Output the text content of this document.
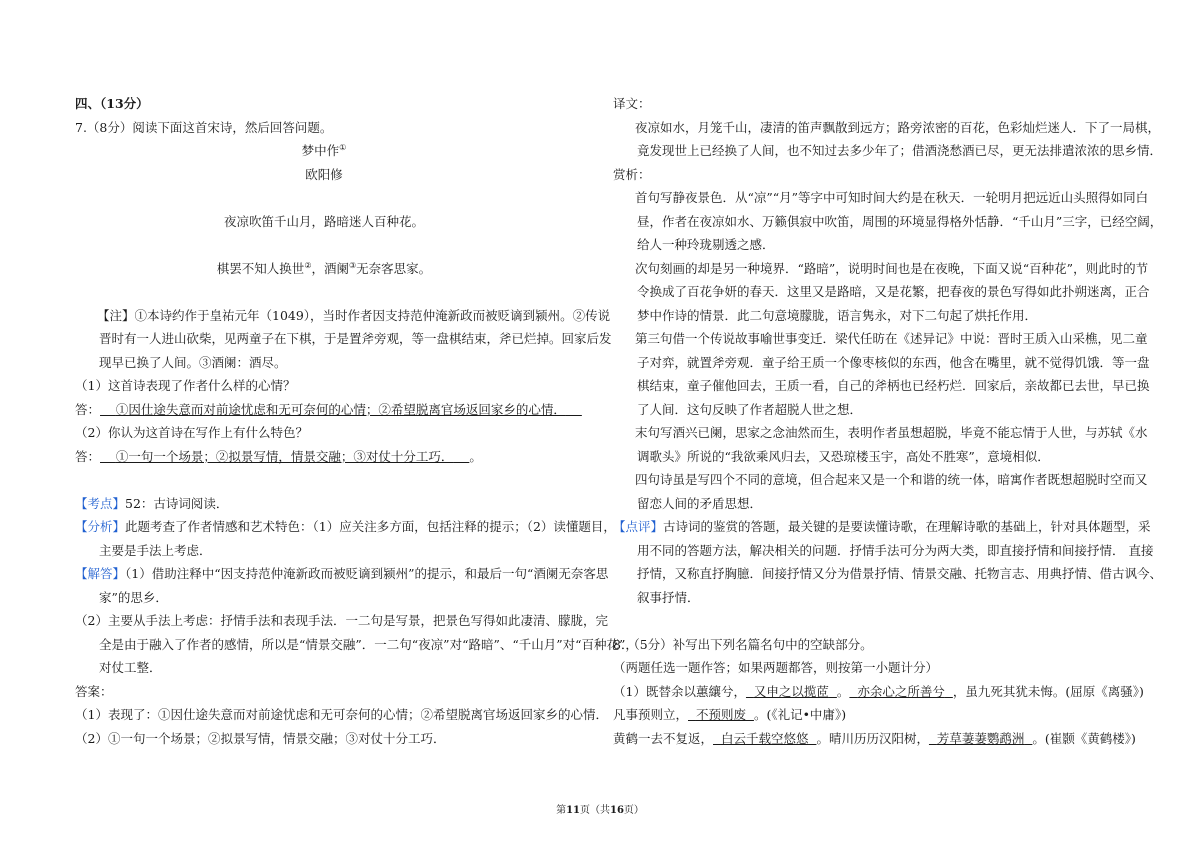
四、（13分）
7.（8分）阅读下面这首宋诗，然后回答问题。
梦中作①
欧阳修
夜凉吹笛千山月，路暗迷人百种花。
棋罢不知人换世②，酒阑③无奈客思家。
【注】①本诗约作于皇祐元年（1049），当时作者因支持范仲淹新政而被贬谪到颍州。②传说
晋时有一人进山砍柴，见两童子在下棋，于是置斧旁观，等一盘棋结束，斧已烂掉。回家后发
现早已换了人间。③酒阑：酒尽。
（1）这首诗表现了作者什么样的心情？
答： ①因仕途失意而对前途忧虑和无可奈何的心情；②希望脱离官场返回家乡的心情．
（2）你认为这首诗在写作上有什么特色？
答： ①一句一个场景；②拟景写情，情景交融；③对仗十分工巧． 。
【考点】52：古诗词阅读．
【分析】此题考查了作者情感和艺术特色：（1）应关注多方面，包括注释的提示；（2）读懂题目，
主要是手法上考虑．
【解答】（1）借助注释中“因支持范仲淹新政而被贬谪到颍州”的提示，和最后一句“酒阑无奈客思
家”的思乡．
（2）主要从手法上考虑：抒情手法和表现手法．一二句是写景，把景色写得如此凄清、朦胧，完
全是由于融入了作者的感情，所以是“情景交融”．一二句“夜凉”对“路暗”、“千山月”对“百种花”，
对仗工整．
答案：
（1）表现了：①因仕途失意而对前途忧虑和无可奈何的心情；②希望脱离官场返回家乡的心情．
（2）①一句一个场景；②拟景写情，情景交融；③对仗十分工巧．
译文：
夜凉如水，月笼千山，凄清的笛声飘散到远方；路旁浓密的百花，色彩灿烂迷人．下了一局棋，
竟发现世上已经换了人间，也不知过去多少年了；借酒浇愁酒已尽，更无法排遣浓浓的思乡情．
赏析：
首句写静夜景色．从“凉”“月”等字中可知时间大约是在秋天．一轮明月把远近山头照得如同白
昼，作者在夜凉如水、万籁俱寂中吹笛，周围的环境显得格外恬静．“千山月”三字，已经空阔，
给人一种玲珑剔透之感．
次句刻画的却是另一种境界．“路暗”，说明时间也是在夜晚，下面又说“百种花”，则此时的节
令换成了百花争妍的春天．这里又是路暗，又是花繁，把春夜的景色写得如此扑朔迷离，正合
梦中作诗的情景．此二句意境朦胧，语言隽永，对下二句起了烘托作用．
第三句借一个传说故事喻世事变迁．梁代任昉在《述异记》中说：晋时王质入山采樵，见二童
子对弈，就置斧旁观．童子给王质一个像枣核似的东西，他含在嘴里，就不觉得饥饿．等一盘
棋结束，童子催他回去，王质一看，自己的斧柄也已经朽烂．回家后，亲故都已去世，早已换
了人间．这句反映了作者超脱人世之想．
末句写酒兴已阑，思家之念油然而生，表明作者虽想超脱，毕竟不能忘情于人世，与苏轼《水
调歌头》所说的“我欲乘风归去，又恐琼楼玉宇，高处不胜寒”，意境相似．
四句诗虽是写四个不同的意境，但合起来又是一个和谐的统一体，暗寓作者既想超脱时空而又
留恋人间的矛盾思想．
【点评】古诗词的鉴赏的答题，最关键的是要读懂诗歌，在理解诗歌的基础上，针对具体题型，采
用不同的答题方法，解决相关的问题．抒情手法可分为两大类，即直接抒情和间接抒情． 直接
抒情，又称直抒胸臆．间接抒情又分为借景抒情、情景交融、托物言志、用典抒情、借古讽今、
叙事抒情．
8．（5分）补写出下列名篇名句中的空缺部分。
（两题任选一题作答；如果两题都答，则按第一小题计分）
（1）既替余以蕙纕兮， 又申之以揽茝 。 亦余心之所善兮 ，虽九死其犹未悔。(屈原《离骚》)
凡事预则立， 不预则废 。(《礼记•中庸》)
黄鹤一去不复返， 白云千载空悠悠 。晴川历历汉阳树， 芳草萋萋鹦鹉洲 。(崔颢《黄鹤楼》)
第11页（共16页）
